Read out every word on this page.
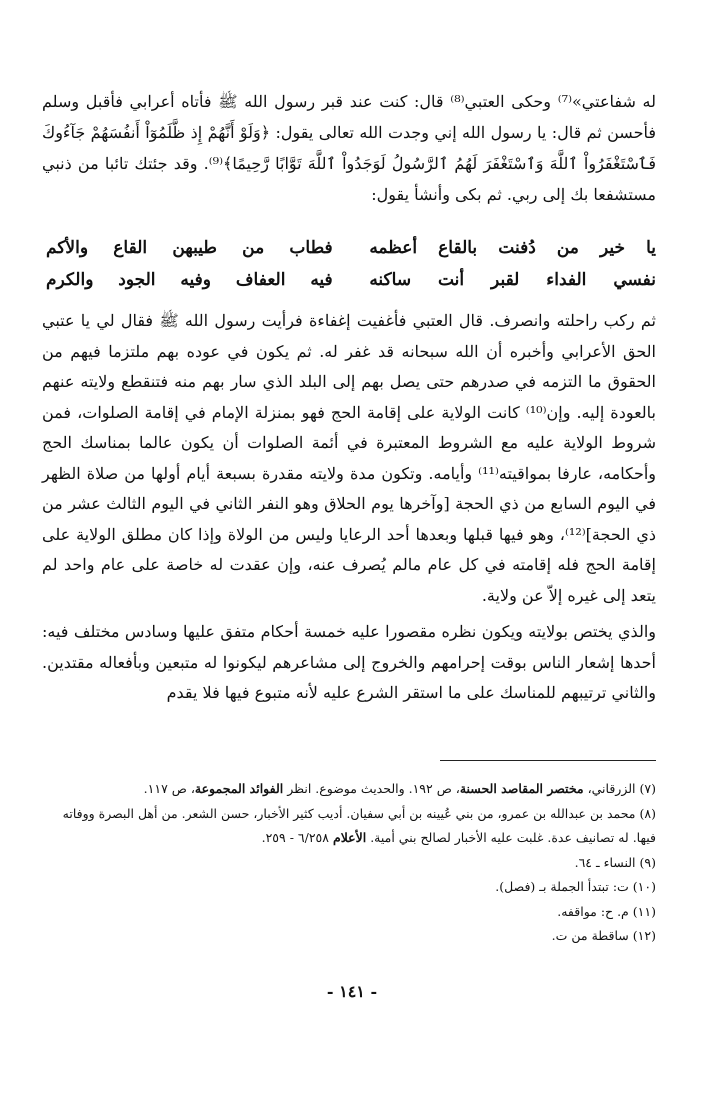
له شفاعتي»⁽⁷⁾ وحكى العتبي⁽⁸⁾ قال: كنت عند قبر رسول الله ﷺ فأتاه أعرابي فأقبل وسلم فأحسن ثم قال: يا رسول الله إني وجدت الله تعالى يقول: ﴿وَلَوْ أَنَّهُمْ إِذ ظَّلَمُوٓاْ أَنفُسَهُمْ جَآءُوكَ فَٱسْتَغْفَرُواْ ٱللَّهَ وَٱسْتَغْفَرَ لَهُمُ ٱلرَّسُولُ لَوَجَدُواْ ٱللَّهَ تَوَّابًا رَّحِيمًا﴾⁽⁹⁾. وقد جئتك تائبا من ذنبي مستشفعا بك إلى ربي. ثم بكى وأنشأ يقول:

يا خير من دُفنت بالقاع أعظمه
فطاب من طيبهن القاع والأكم
نفسي الفداء لقبر أنت ساكنه
فيه العفاف وفيه الجود والكرم

ثم ركب راحلته وانصرف. قال العتبي فأغفيت إغفاءة فرأيت رسول الله ﷺ فقال لي يا عتبي الحق الأعرابي وأخبره أن الله سبحانه قد غفر له. ثم يكون في عوده بهم ملتزما فيهم من الحقوق ما التزمه في صدرهم حتى يصل بهم إلى البلد الذي سار بهم منه فتنقطع ولايته عنهم بالعودة إليه. وإن⁽¹⁰⁾ كانت الولاية على إقامة الحج فهو بمنزلة الإمام في إقامة الصلوات، فمن شروط الولاية عليه مع الشروط المعتبرة في أئمة الصلوات أن يكون عالما بمناسك الحج وأحكامه، عارفا بمواقيته⁽¹¹⁾ وأيامه. وتكون مدة ولايته مقدرة بسبعة أيام أولها من صلاة الظهر في اليوم السابع من ذي الحجة [وآخرها يوم الحلاق وهو النفر الثاني في اليوم الثالث عشر من ذي الحجة]⁽¹²⁾، وهو فيها قبلها وبعدها أحد الرعايا وليس من الولاة وإذا كان مطلق الولاية على إقامة الحج فله إقامته في كل عام مالم يُصرف عنه، وإن عقدت له خاصة على عام واحد لم يتعد إلى غيره إلاّ عن ولاية.

والذي يختص بولايته ويكون نظره مقصورا عليه خمسة أحكام متفق عليها وسادس مختلف فيه: أحدها إشعار الناس بوقت إحرامهم والخروج إلى مشاعرهم ليكونوا له متبعين وبأفعاله مقتدين. والثاني ترتيبهم للمناسك على ما استقر الشرع عليه لأنه متبوع فيها فلا يقدم

(٧) الزرقاني، مختصر المقاصد الحسنة، ص ١٩٢. والحديث موضوع. انظر الفوائد المجموعة، ص ١١٧.
(٨) محمد بن عبدالله بن عمرو، من بني عُيينه بن أبي سفيان. أديب كثير الأخبار، حسن الشعر. من أهل البصرة ووفاته فيها. له تصانيف عدة. غلبت عليه الأخبار لصالح بني أمية. الأعلام ٦/٢٥٨ - ٢٥٩.
(٩) النساء ـ ٦٤.
(١٠) ت: تبتدأ الجملة بـ (فصل).
(١١) م. ح: مواقفه.
(١٢) ساقطة من ت.
- ١٤١ -
